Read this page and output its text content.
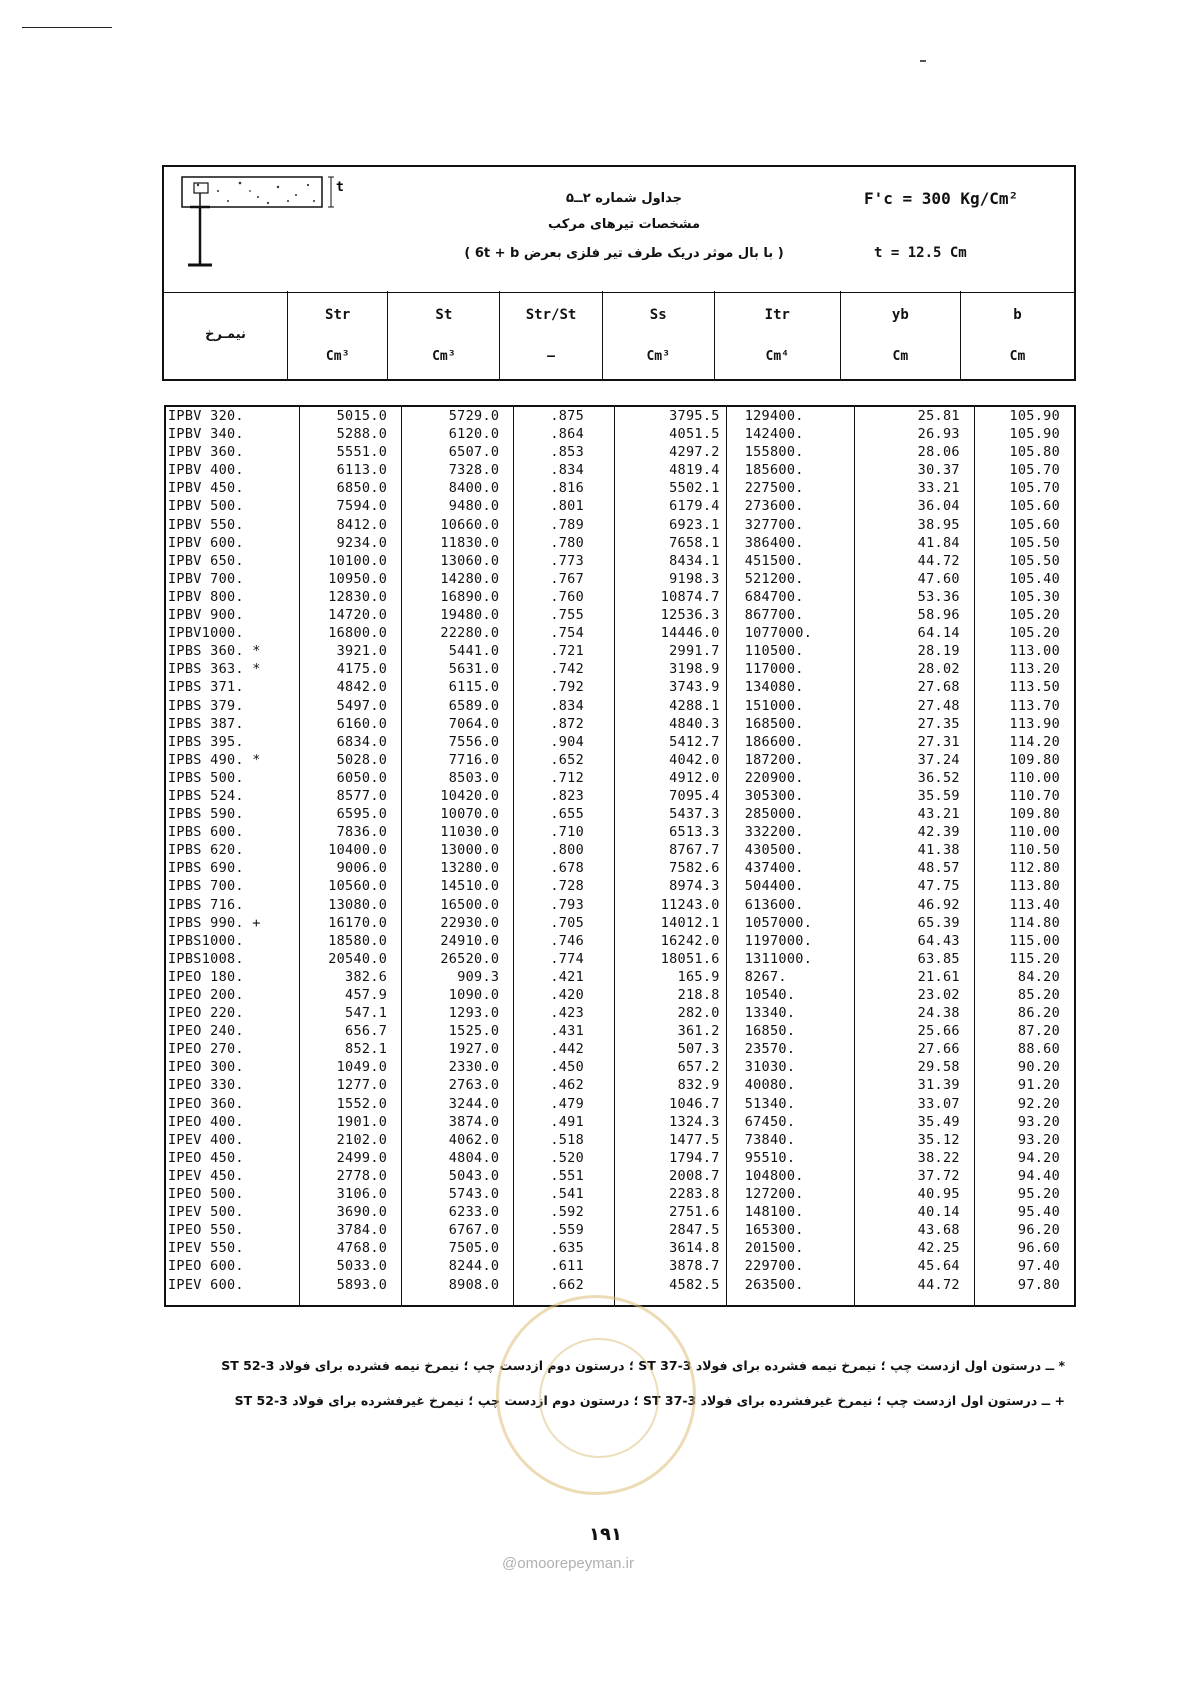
t
جداول شماره ۲ــ۵
مشخصات تیرهای مرکب
( با بال موثر دریک طرف تیر فلزی بعرض 6t + b )
F'c = 300 Kg/Cm²
t = 12.5 Cm
نیمـرخ
Str
Cm³
St
Cm³
Str/St
—
Ss
Cm³
Itr
Cm⁴
yb
Cm
b
Cm
IPBV 320.
IPBV 340.
IPBV 360.
IPBV 400.
IPBV 450.
IPBV 500.
IPBV 550.
IPBV 600.
IPBV 650.
IPBV 700.
IPBV 800.
IPBV 900.
IPBV1000.
IPBS 360. *
IPBS 363. *
IPBS 371.
IPBS 379.
IPBS 387.
IPBS 395.
IPBS 490. *
IPBS 500.
IPBS 524.
IPBS 590.
IPBS 600.
IPBS 620.
IPBS 690.
IPBS 700.
IPBS 716.
IPBS 990. +
IPBS1000.
IPBS1008.
IPEO 180.
IPEO 200.
IPEO 220.
IPEO 240.
IPEO 270.
IPEO 300.
IPEO 330.
IPEO 360.
IPEO 400.
IPEV 400.
IPEO 450.
IPEV 450.
IPEO 500.
IPEV 500.
IPEO 550.
IPEV 550.
IPEO 600.
IPEV 600.
5015.0
5288.0
5551.0
6113.0
6850.0
7594.0
8412.0
9234.0
10100.0
10950.0
12830.0
14720.0
16800.0
3921.0
4175.0
4842.0
5497.0
6160.0
6834.0
5028.0
6050.0
8577.0
6595.0
7836.0
10400.0
9006.0
10560.0
13080.0
16170.0
18580.0
20540.0
382.6
457.9
547.1
656.7
852.1
1049.0
1277.0
1552.0
1901.0
2102.0
2499.0
2778.0
3106.0
3690.0
3784.0
4768.0
5033.0
5893.0
5729.0
6120.0
6507.0
7328.0
8400.0
9480.0
10660.0
11830.0
13060.0
14280.0
16890.0
19480.0
22280.0
5441.0
5631.0
6115.0
6589.0
7064.0
7556.0
7716.0
8503.0
10420.0
10070.0
11030.0
13000.0
13280.0
14510.0
16500.0
22930.0
24910.0
26520.0
909.3
1090.0
1293.0
1525.0
1927.0
2330.0
2763.0
3244.0
3874.0
4062.0
4804.0
5043.0
5743.0
6233.0
6767.0
7505.0
8244.0
8908.0
.875
.864
.853
.834
.816
.801
.789
.780
.773
.767
.760
.755
.754
.721
.742
.792
.834
.872
.904
.652
.712
.823
.655
.710
.800
.678
.728
.793
.705
.746
.774
.421
.420
.423
.431
.442
.450
.462
.479
.491
.518
.520
.551
.541
.592
.559
.635
.611
.662
3795.5
4051.5
4297.2
4819.4
5502.1
6179.4
6923.1
7658.1
8434.1
9198.3
10874.7
12536.3
14446.0
2991.7
3198.9
3743.9
4288.1
4840.3
5412.7
4042.0
4912.0
7095.4
5437.3
6513.3
8767.7
7582.6
8974.3
11243.0
14012.1
16242.0
18051.6
165.9
218.8
282.0
361.2
507.3
657.2
832.9
1046.7
1324.3
1477.5
1794.7
2008.7
2283.8
2751.6
2847.5
3614.8
3878.7
4582.5
129400.
142400.
155800.
185600.
227500.
273600.
327700.
386400.
451500.
521200.
684700.
867700.
1077000.
110500.
117000.
134080.
151000.
168500.
186600.
187200.
220900.
305300.
285000.
332200.
430500.
437400.
504400.
613600.
1057000.
1197000.
1311000.
8267.
10540.
13340.
16850.
23570.
31030.
40080.
51340.
67450.
73840.
95510.
104800.
127200.
148100.
165300.
201500.
229700.
263500.
25.81
26.93
28.06
30.37
33.21
36.04
38.95
41.84
44.72
47.60
53.36
58.96
64.14
28.19
28.02
27.68
27.48
27.35
27.31
37.24
36.52
35.59
43.21
42.39
41.38
48.57
47.75
46.92
65.39
64.43
63.85
21.61
23.02
24.38
25.66
27.66
29.58
31.39
33.07
35.49
35.12
38.22
37.72
40.95
40.14
43.68
42.25
45.64
44.72
105.90
105.90
105.80
105.70
105.70
105.60
105.60
105.50
105.50
105.40
105.30
105.20
105.20
113.00
113.20
113.50
113.70
113.90
114.20
109.80
110.00
110.70
109.80
110.00
110.50
112.80
113.80
113.40
114.80
115.00
115.20
84.20
85.20
86.20
87.20
88.60
90.20
91.20
92.20
93.20
93.20
94.20
94.40
95.20
95.40
96.20
96.60
97.40
97.80
* ــ درستون اول ازدست چپ ؛ نیمرخ نیمه فشرده برای فولاد ST 37-3 ؛ درستون دوم ازدست چپ ؛ نیمرخ نیمه فشرده برای فولاد ST 52-3
+ ــ درستون اول ازدست چپ ؛ نیمرخ غیرفشرده برای فولاد ST 37-3 ؛ درستون دوم ازدست چپ ؛ نیمرخ غیرفشرده برای فولاد ST 52-3
۱۹۱
@omoorepeyman.ir
